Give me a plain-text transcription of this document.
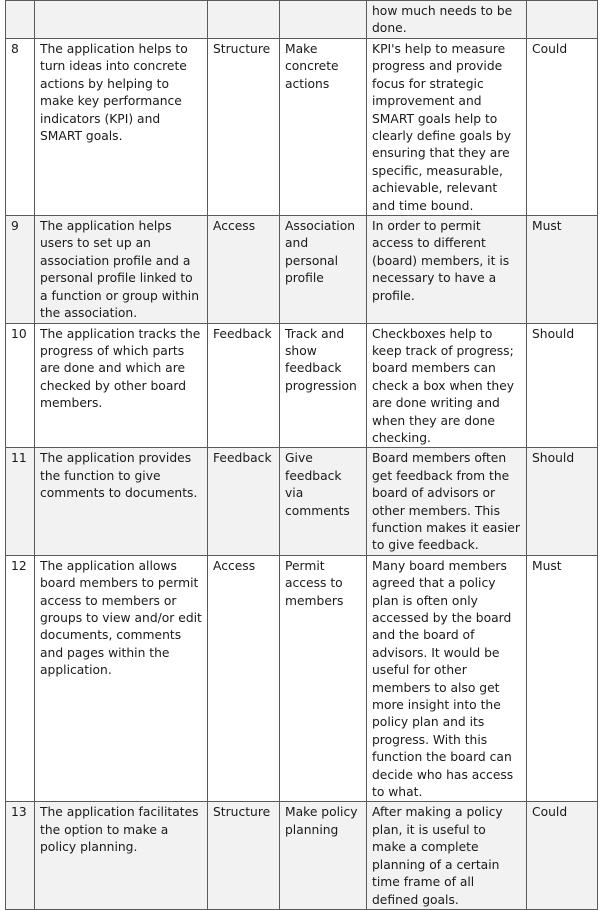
				how much needs to be done.	
8	The application helps to turn ideas into concrete actions by helping to make key performance indicators (KPI) and SMART goals.	Structure	Make concrete actions	KPI's help to measure progress and provide focus for strategic improvement and SMART goals help to clearly define goals by ensuring that they are specific, measurable, achievable, relevant and time bound.	Could
9	The application helps users to set up an association profile and a personal profile linked to a function or group within the association.	Access	Association and personal profile	In order to permit access to different (board) members, it is necessary to have a profile.	Must
10	The application tracks the progress of which parts are done and which are checked by other board members.	Feedback	Track and show feedback progression	Checkboxes help to keep track of progress; board members can check a box when they are done writing and when they are done checking.	Should
11	The application provides the function to give comments to documents.	Feedback	Give feedback via comments	Board members often get feedback from the board of advisors or other members. This function makes it easier to give feedback.	Should
12	The application allows board members to permit access to members or groups to view and/or edit documents, comments and pages within the application.	Access	Permit access to members	Many board members agreed that a policy plan is often only accessed by the board and the board of advisors. It would be useful for other members to also get more insight into the policy plan and its progress. With this function the board can decide who has access to what.	Must
13	The application facilitates the option to make a policy planning.	Structure	Make policy planning	After making a policy plan, it is useful to make a complete planning of a certain time frame of all defined goals.	Could
